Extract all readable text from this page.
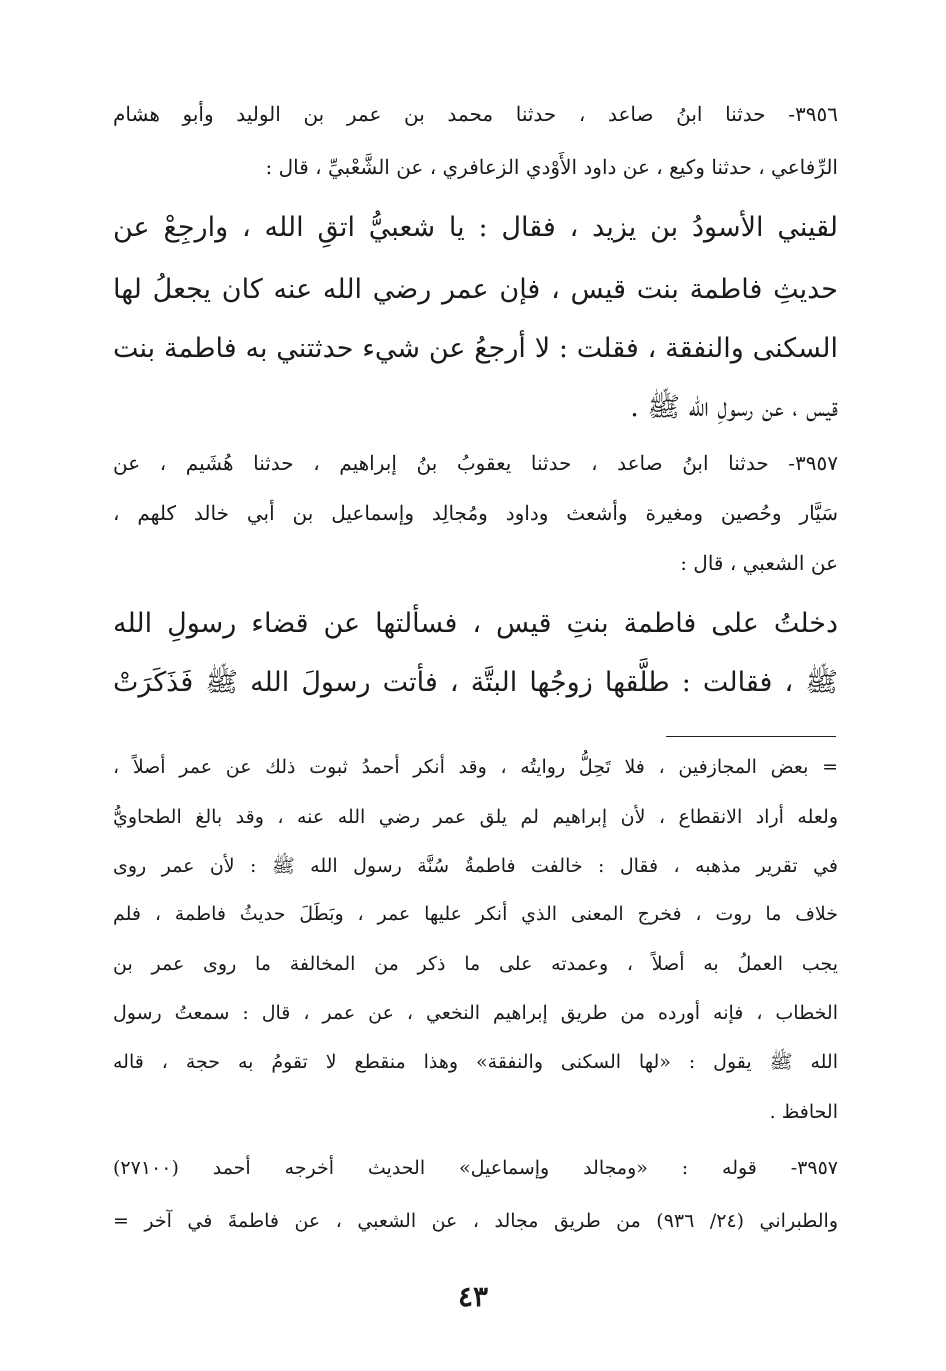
٣٩٥٦- حدثنا ابنُ صاعد ، حدثنا محمد بن عمر بن الوليد وأبو هشام
الرِّفاعي ، حدثنا وكيع ، عن داود الأَوْدي الزعافري ، عن الشَّعْبيِّ ، قال :
لقيني الأسودُ بن يزيد ، فقال : يا شعبيُّ اتقِ الله ، وارجِعْ عن
حديثِ فاطمة بنت قيس ، فإن عمر رضي الله عنه كان يجعلُ لها
السكنى والنفقة ، فقلت : لا أرجعُ عن شيء حدثتني به فاطمة بنت
قيس ، عن رسولِ الله ﷺ .
٣٩٥٧- حدثنا ابنُ صاعد ، حدثنا يعقوبُ بنُ إبراهيم ، حدثنا هُشَيم ، عن
سَيَّار وحُصين ومغيرة وأشعث وداود ومُجالِد وإسماعيل بن أبي خالد كلهم ،
عن الشعبي ، قال :
دخلتُ على فاطمة بنتِ قيس ، فسألتها عن قضاء رسولِ الله
ﷺ ، فقالت : طلَّقها زوجُها البتَّة ، فأتت رسولَ الله ﷺ فَذَكَرَتْ
= بعض المجازفين ، فلا تَحِلُّ روايتُه ، وقد أنكر أحمدُ ثبوت ذلك عن عمر أصلاً ،
ولعله أراد الانقطاع ، لأن إبراهيم لم يلق عمر رضي الله عنه ، وقد بالغ الطحاويُّ
في تقرير مذهبه ، فقال : خالفت فاطمةُ سُنَّة رسول الله ﷺ : لأن عمر روى
خلاف ما روت ، فخرج المعنى الذي أنكر عليها عمر ، وبَطَلَ حديثُ فاطمة ، فلم
يجب العملُ به أصلاً ، وعمدته على ما ذكر من المخالفة ما روى عمر بن
الخطاب ، فإنه أورده من طريق إبراهيم النخعي ، عن عمر ، قال : سمعتُ رسول
الله ﷺ يقول : «لها السكنى والنفقة» وهذا منقطع لا تقومُ به حجة ، قاله
الحافظ .
٣٩٥٧- قوله : «ومجالد وإسماعيل» الحديث أخرجه أحمد (٢٧١٠٠)
والطبراني (٢٤/ ٩٣٦) من طريق مجالد ، عن الشعبي ، عن فاطمةَ في آخر =
٤٣
